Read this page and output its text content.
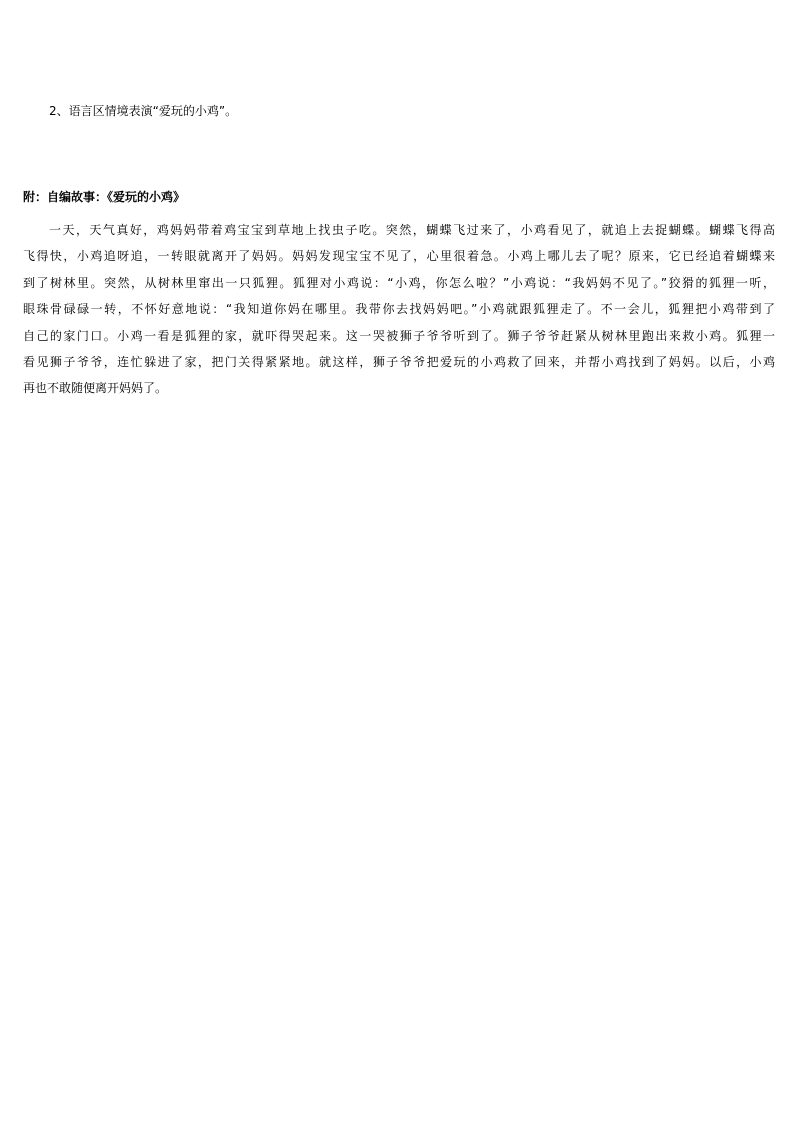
2、语言区情境表演“爱玩的小鸡”。
附：自编故事：《爱玩的小鸡》
一天，天气真好，鸡妈妈带着鸡宝宝到草地上找虫子吃。突然，蝴蝶飞过来了，小鸡看见了，就追上去捉蝴蝶。蝴蝶飞得高
飞得快，小鸡追呀追，一转眼就离开了妈妈。妈妈发现宝宝不见了，心里很着急。小鸡上哪儿去了呢？原来，它已经追着蝴蝶来
到了树林里。突然，从树林里窜出一只狐狸。狐狸对小鸡说：“小鸡，你怎么啦？”小鸡说：“我妈妈不见了。”狡猾的狐狸一听，
眼珠骨碌碌一转，不怀好意地说：“我知道你妈在哪里。我带你去找妈妈吧。”小鸡就跟狐狸走了。不一会儿，狐狸把小鸡带到了
自己的家门口。小鸡一看是狐狸的家，就吓得哭起来。这一哭被狮子爷爷听到了。狮子爷爷赶紧从树林里跑出来救小鸡。狐狸一
看见狮子爷爷，连忙躲进了家，把门关得紧紧地。就这样，狮子爷爷把爱玩的小鸡救了回来，并帮小鸡找到了妈妈。以后，小鸡
再也不敢随便离开妈妈了。
